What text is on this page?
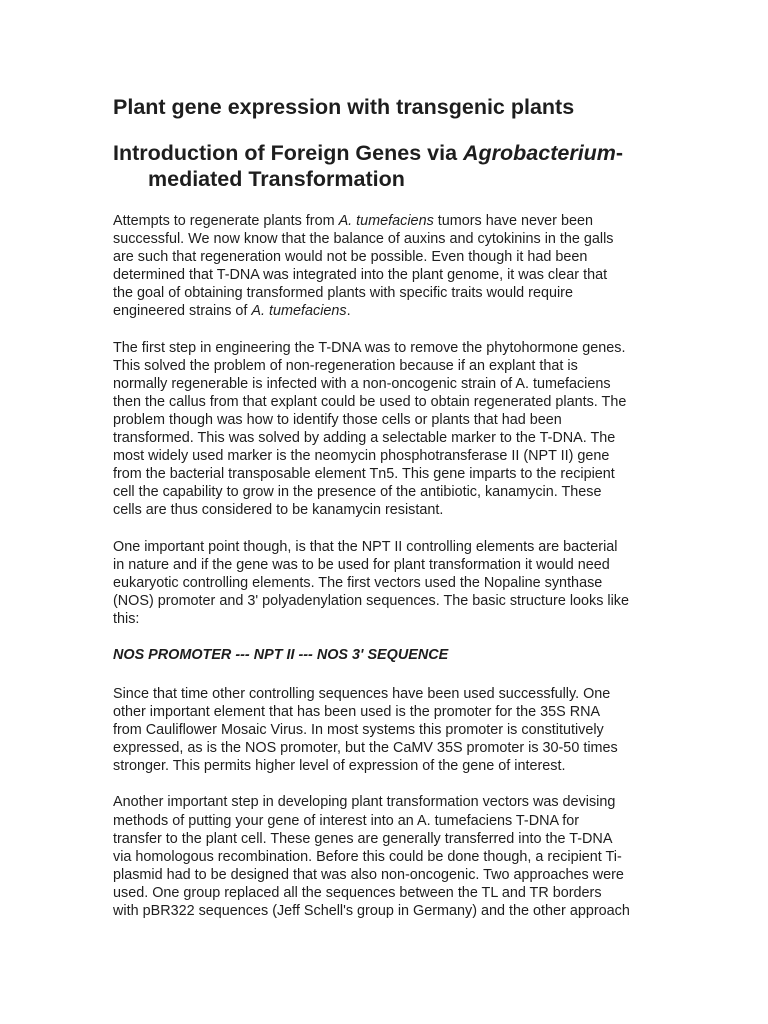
Plant gene expression with transgenic plants
Introduction of Foreign Genes via Agrobacterium-
mediated Transformation
Attempts to regenerate plants from A. tumefaciens tumors have never been
successful. We now know that the balance of auxins and cytokinins in the galls
are such that regeneration would not be possible. Even though it had been
determined that T-DNA was integrated into the plant genome, it was clear that
the goal of obtaining transformed plants with specific traits would require
engineered strains of A. tumefaciens.
The first step in engineering the T-DNA was to remove the phytohormone genes.
This solved the problem of non-regeneration because if an explant that is
normally regenerable is infected with a non-oncogenic strain of A. tumefaciens
then the callus from that explant could be used to obtain regenerated plants. The
problem though was how to identify those cells or plants that had been
transformed. This was solved by adding a selectable marker to the T-DNA. The
most widely used marker is the neomycin phosphotransferase II (NPT II) gene
from the bacterial transposable element Tn5. This gene imparts to the recipient
cell the capability to grow in the presence of the antibiotic, kanamycin. These
cells are thus considered to be kanamycin resistant.
One important point though, is that the NPT II controlling elements are bacterial
in nature and if the gene was to be used for plant transformation it would need
eukaryotic controlling elements. The first vectors used the Nopaline synthase
(NOS) promoter and 3' polyadenylation sequences. The basic structure looks like
this:
NOS PROMOTER --- NPT II --- NOS 3' SEQUENCE
Since that time other controlling sequences have been used successfully. One
other important element that has been used is the promoter for the 35S RNA
from Cauliflower Mosaic Virus. In most systems this promoter is constitutively
expressed, as is the NOS promoter, but the CaMV 35S promoter is 30-50 times
stronger. This permits higher level of expression of the gene of interest.
Another important step in developing plant transformation vectors was devising
methods of putting your gene of interest into an A. tumefaciens T-DNA for
transfer to the plant cell. These genes are generally transferred into the T-DNA
via homologous recombination. Before this could be done though, a recipient Ti-
plasmid had to be designed that was also non-oncogenic. Two approaches were
used. One group replaced all the sequences between the TL and TR borders
with pBR322 sequences (Jeff Schell's group in Germany) and the other approach
